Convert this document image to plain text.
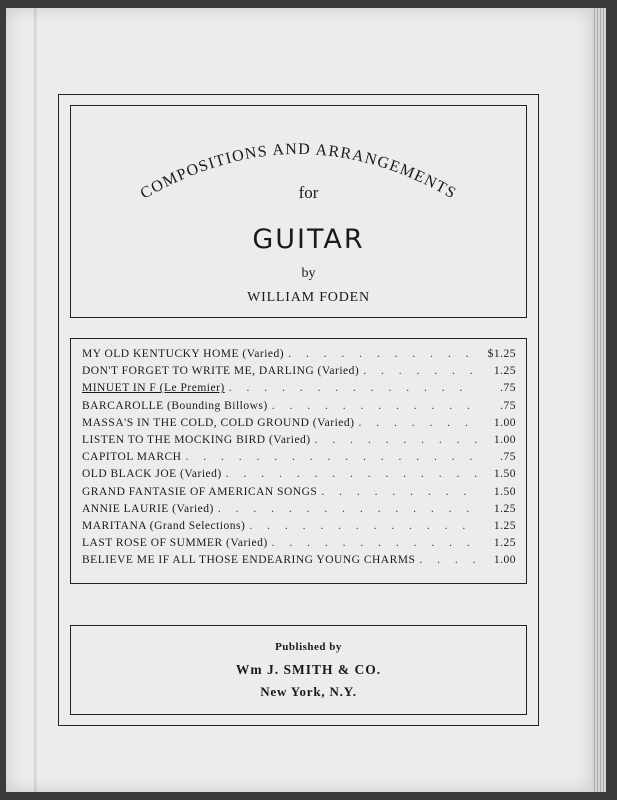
COMPOSITIONS AND ARRANGEMENTS
for
GUITAR
by
WILLIAM FODEN
MY OLD KENTUCKY HOME (Varied) . . .	$1.25
DON'T FORGET TO WRITE ME, DARLING (Varied) . . .	1.25
MINUET IN F (Le Premier) . . .	.75
BARCAROLLE (Bounding Billows) . . .	.75
MASSA'S IN THE COLD, COLD GROUND (Varied) . . .	1.00
LISTEN TO THE MOCKING BIRD (Varied) . . .	1.00
CAPITOL MARCH . . .	.75
OLD BLACK JOE (Varied) . . .	1.50
GRAND FANTASIE OF AMERICAN SONGS . . .	1.50
ANNIE LAURIE (Varied) . . .	1.25
MARITANA (Grand Selections) . . .	1.25
LAST ROSE OF SUMMER (Varied) . . .	1.25
BELIEVE ME IF ALL THOSE ENDEARING YOUNG CHARMS . . .	1.00
Published by
Wm J. SMITH & CO.
New York, N.Y.
